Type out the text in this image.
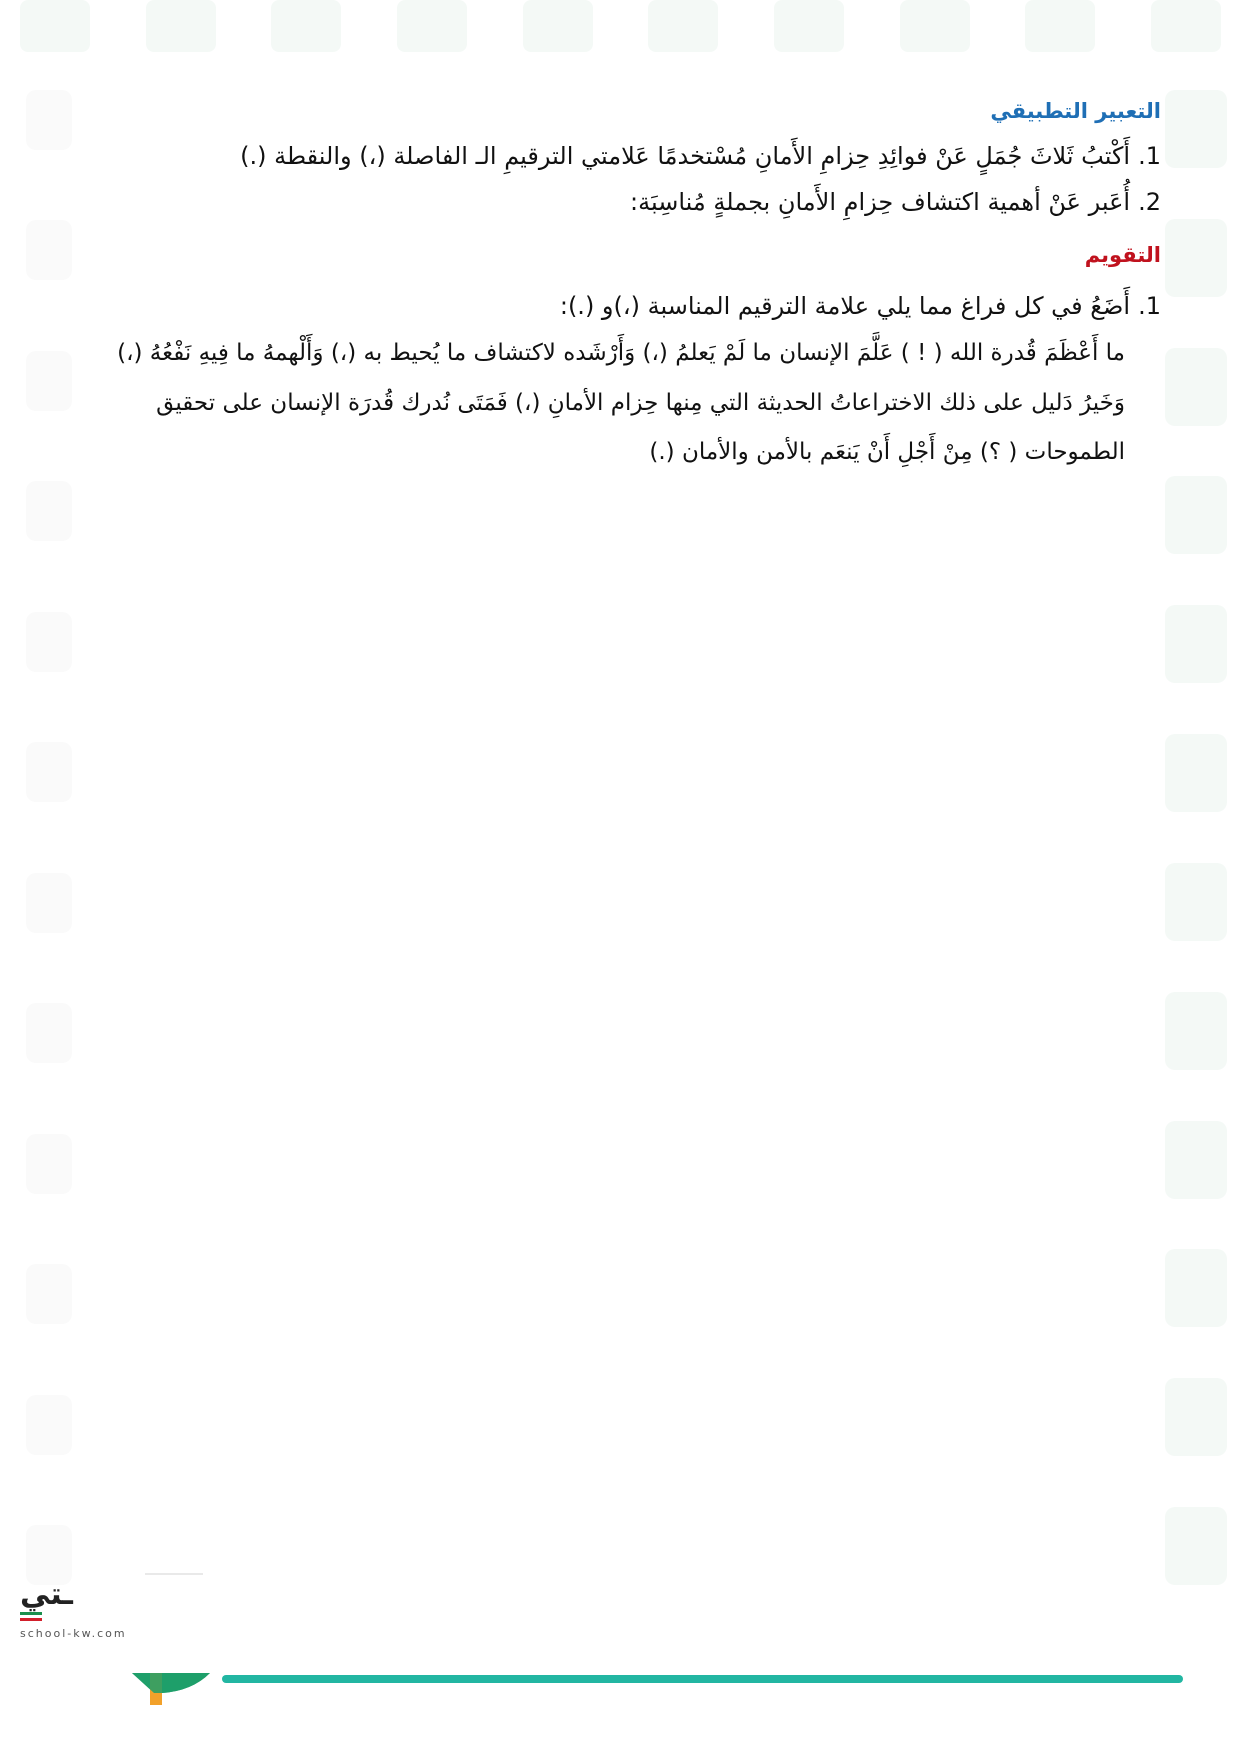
التعبير التطبيقي
1.
أَكْتبُ ثَلاثَ جُمَلٍ عَنْ فوائِدِ حِزامِ الأَمانِ مُسْتخدمًا عَلامتي الترقيمِ الـ الفاصلة (،) والنقطة (.)
2.
أُعَبر عَنْ أهمية اكتشاف حِزامِ الأَمانِ بجملةٍ مُناسِبَة:
التقويم
1.
أَضَعُ في كل فراغ مما يلي علامة الترقيم المناسبة (،)و (.):

ما أَعْظَمَ قُدرة الله ( ! ) عَلَّمَ الإنسان ما لَمْ يَعلمُ (،) وَأَرْشَده لاكتشاف ما يُحيط به (،) وَأَلْهمهُ ما فِيهِ نَفْعُهُ (،) وَخَيرُ دَليل على ذلك الاختراعاتُ الحديثة التي مِنها حِزام الأمانِ (،) فَمَتَى نُدرك قُدرَة الإنسان على تحقيق الطموحات ( ؟) مِنْ أَجْلِ أَنْ يَنعَم بالأمن والأمان (.)

ـتي
school-kw.com
